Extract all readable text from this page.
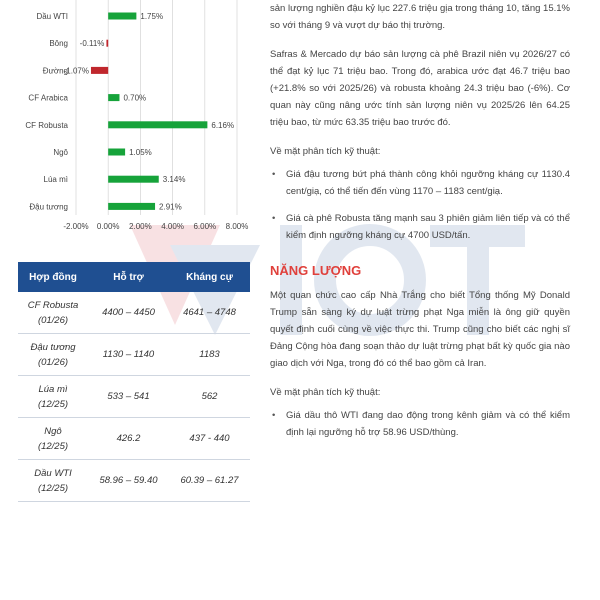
-2.00% 0.00% 2.00% 4.00% 6.00% 8.00%
Dầu WTI	1.75%
Bông -0.11%
Đường
-1.07%
CF Arabica	0.70%
CF Robusta	6.16%
Ngô	1.05%
Lúa mì	3.14%
Đậu tương	2.91%
Hợp đồng	Hỗ trợ	Kháng cự
CF Robusta
(01/26)	4400 – 4450	4641 – 4748
Đậu tương
(01/26)	1130 – 1140	1183
Lúa mì
(12/25)	533 – 541	562
Ngô
(12/25)	426.2	437 - 440
Dầu WTI
(12/25)	58.96 – 59.40	60.39 – 61.27

sản lượng nghiền đậu kỷ lục 227.6 triệu gịa trong tháng 10, tăng 15.1% so với tháng 9 và vượt dự báo thị trường.

Safras & Mercado dự báo sản lượng cà phê Brazil niên vụ 2026/27 có thể đạt kỷ lục 71 triệu bao. Trong đó, arabica ước đạt 46.7 triệu bao (+21.8% so với 2025/26) và robusta khoảng 24.3 triệu bao (-6%). Cơ quan này cũng nâng ước tính sản lượng niên vụ 2025/26 lên 64.25 triệu bao, từ mức 63.35 triệu bao trước đó.

Về mặt phân tích kỹ thuật:

• Giá đậu tương bứt phá thành công khỏi ngưỡng kháng cự 1130.4 cent/giạ, có thể tiến đến vùng 1170 – 1183 cent/giạ.
• Giá cà phê Robusta tăng mạnh sau 3 phiên giảm liên tiếp và có thể kiểm định ngưỡng kháng cự 4700 USD/tấn.
NĂNG LƯỢNG

Một quan chức cao cấp Nhà Trắng cho biết Tổng thống Mỹ Donald Trump sẵn sàng ký dự luật trừng phạt Nga miễn là ông giữ quyền quyết định cuối cùng về việc thực thi. Trump cũng cho biết các nghị sĩ Đảng Cộng hòa đang soạn thảo dự luật trừng phạt bất kỳ quốc gia nào giao dịch với Nga, trong đó có thể bao gồm cả Iran.

Về mặt phân tích kỹ thuật:

• Giá dầu thô WTI đang dao động trong kênh giảm và có thể kiểm định lại ngưỡng hỗ trợ 58.96 USD/thùng.
